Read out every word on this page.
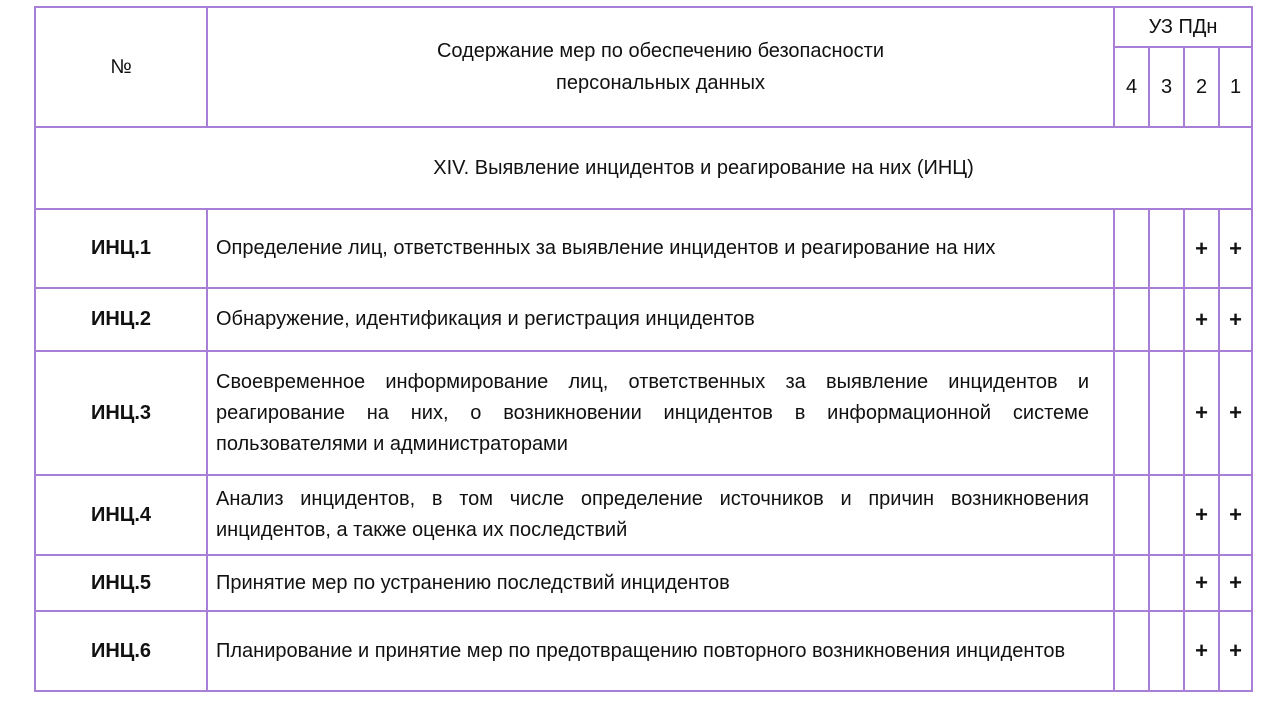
№	Содержание мер по обеспечению безопасности
персональных данных	УЗ ПДн			
		4	3	2	1
XIV. Выявление инцидентов и реагирование на них (ИНЦ)					
ИНЦ.1	Определение лиц, ответственных за выявление инцидентов и реагирование на них			+	+
ИНЦ.2	Обнаружение, идентификация и регистрация инцидентов			+	+
ИНЦ.3	Своевременное информирование лиц, ответственных за выявление инцидентов и реагирование на них, о возникновении инцидентов в информационной системе пользователями и администраторами			+	+
ИНЦ.4	Анализ инцидентов, в том числе определение источников и причин возникновения инцидентов, а также оценка их последствий			+	+
ИНЦ.5	Принятие мер по устранению последствий инцидентов			+	+
ИНЦ.6	Планирование и принятие мер по предотвращению повторного возникновения инцидентов			+	+
